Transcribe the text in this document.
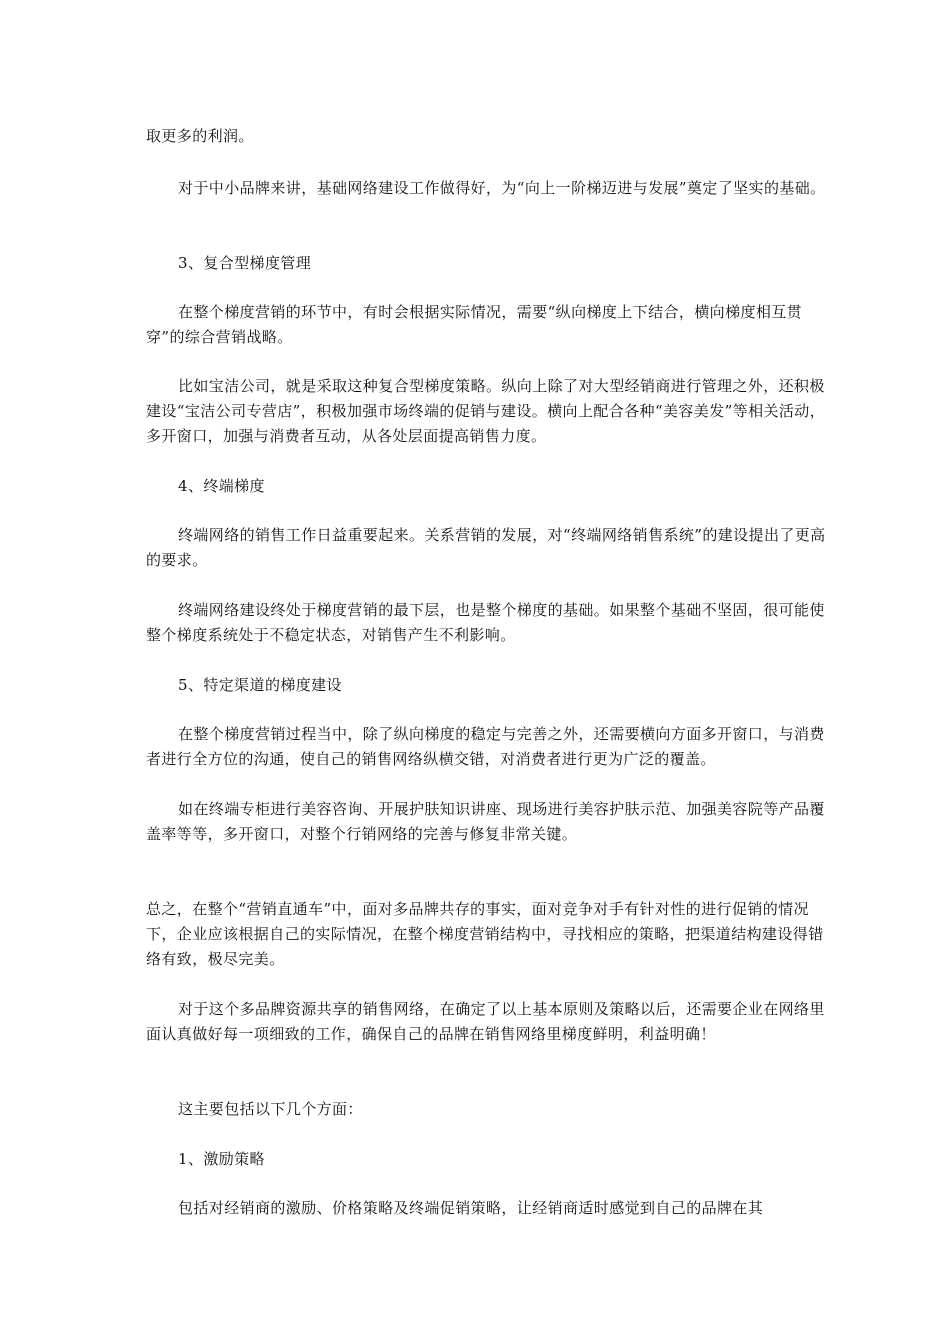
取更多的利润。

对于中小品牌来讲，基础网络建设工作做得好，为“向上一阶梯迈进与发展”奠定了坚实的基础。

3、复合型梯度管理

在整个梯度营销的环节中，有时会根据实际情况，需要“纵向梯度上下结合，横向梯度相互贯穿”的综合营销战略。

比如宝洁公司，就是采取这种复合型梯度策略。纵向上除了对大型经销商进行管理之外，还积极建设“宝洁公司专营店”，积极加强市场终端的促销与建设。横向上配合各种“美容美发”等相关活动，多开窗口，加强与消费者互动，从各处层面提高销售力度。

4、终端梯度

终端网络的销售工作日益重要起来。关系营销的发展，对“终端网络销售系统”的建设提出了更高的要求。

终端网络建设终处于梯度营销的最下层，也是整个梯度的基础。如果整个基础不坚固，很可能使整个梯度系统处于不稳定状态，对销售产生不利影响。

5、特定渠道的梯度建设

在整个梯度营销过程当中，除了纵向梯度的稳定与完善之外，还需要横向方面多开窗口，与消费者进行全方位的沟通，使自己的销售网络纵横交错，对消费者进行更为广泛的覆盖。

如在终端专柜进行美容咨询、开展护肤知识讲座、现场进行美容护肤示范、加强美容院等产品覆盖率等等，多开窗口，对整个行销网络的完善与修复非常关键。

总之，在整个“营销直通车”中，面对多品牌共存的事实，面对竞争对手有针对性的进行促销的情况下，企业应该根据自己的实际情况，在整个梯度营销结构中，寻找相应的策略，把渠道结构建设得错络有致，极尽完美。

对于这个多品牌资源共享的销售网络，在确定了以上基本原则及策略以后，还需要企业在网络里面认真做好每一项细致的工作，确保自己的品牌在销售网络里梯度鲜明，利益明确！

这主要包括以下几个方面：

1、激励策略

包括对经销商的激励、价格策略及终端促销策略，让经销商适时感觉到自己的品牌在其
